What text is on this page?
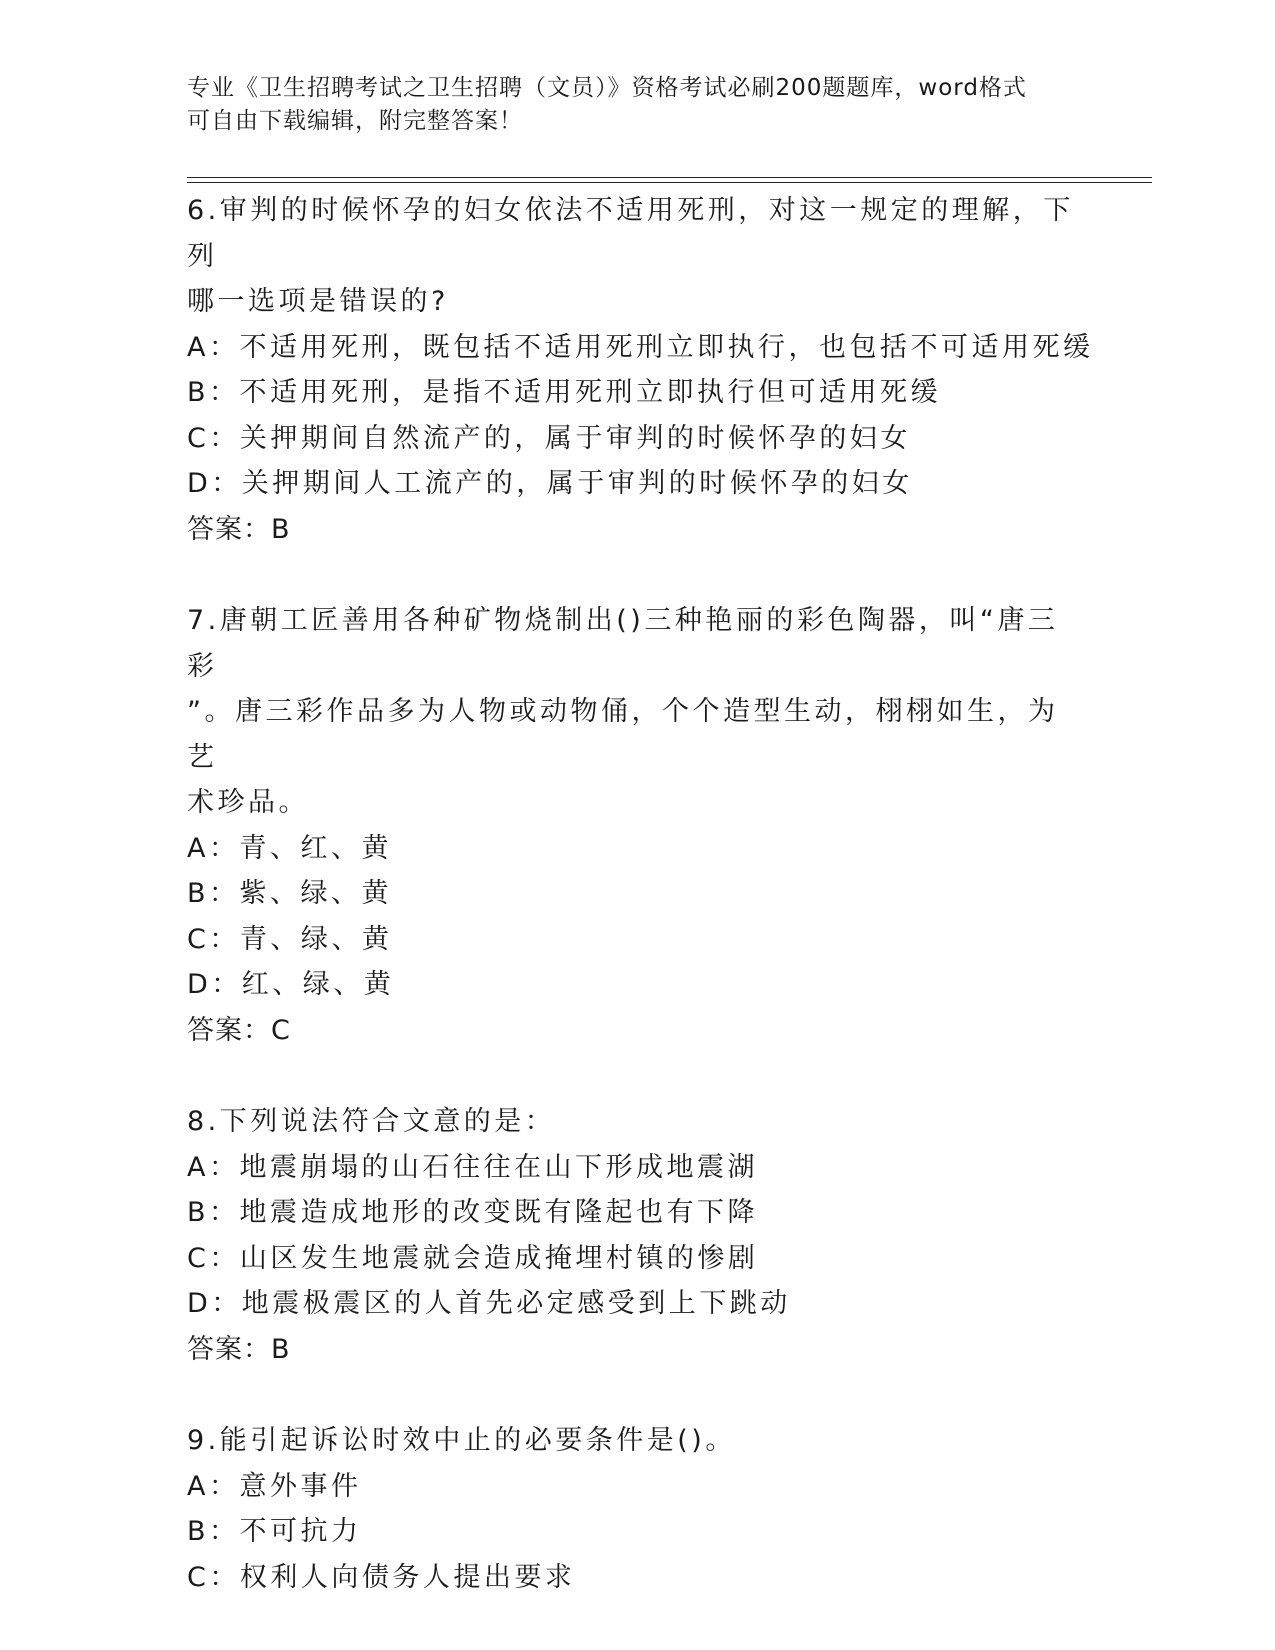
专业《卫生招聘考试之卫生招聘（文员）》资格考试必刷200题题库，word格式
可自由下载编辑，附完整答案！
6.审判的时候怀孕的妇女依法不适用死刑，对这一规定的理解，下列
哪一选项是错误的?
A：不适用死刑，既包括不适用死刑立即执行，也包括不可适用死缓
B：不适用死刑，是指不适用死刑立即执行但可适用死缓
C：关押期间自然流产的，属于审判的时候怀孕的妇女
D：关押期间人工流产的，属于审判的时候怀孕的妇女
答案：B
7.唐朝工匠善用各种矿物烧制出()三种艳丽的彩色陶器，叫“唐三彩
”。唐三彩作品多为人物或动物俑，个个造型生动，栩栩如生，为艺
术珍品。
A：青、红、黄
B：紫、绿、黄
C：青、绿、黄
D：红、绿、黄
答案：C
8.下列说法符合文意的是：
A：地震崩塌的山石往往在山下形成地震湖
B：地震造成地形的改变既有隆起也有下降
C：山区发生地震就会造成掩埋村镇的惨剧
D：地震极震区的人首先必定感受到上下跳动
答案：B
9.能引起诉讼时效中止的必要条件是()。
A：意外事件
B：不可抗力
C：权利人向债务人提出要求
